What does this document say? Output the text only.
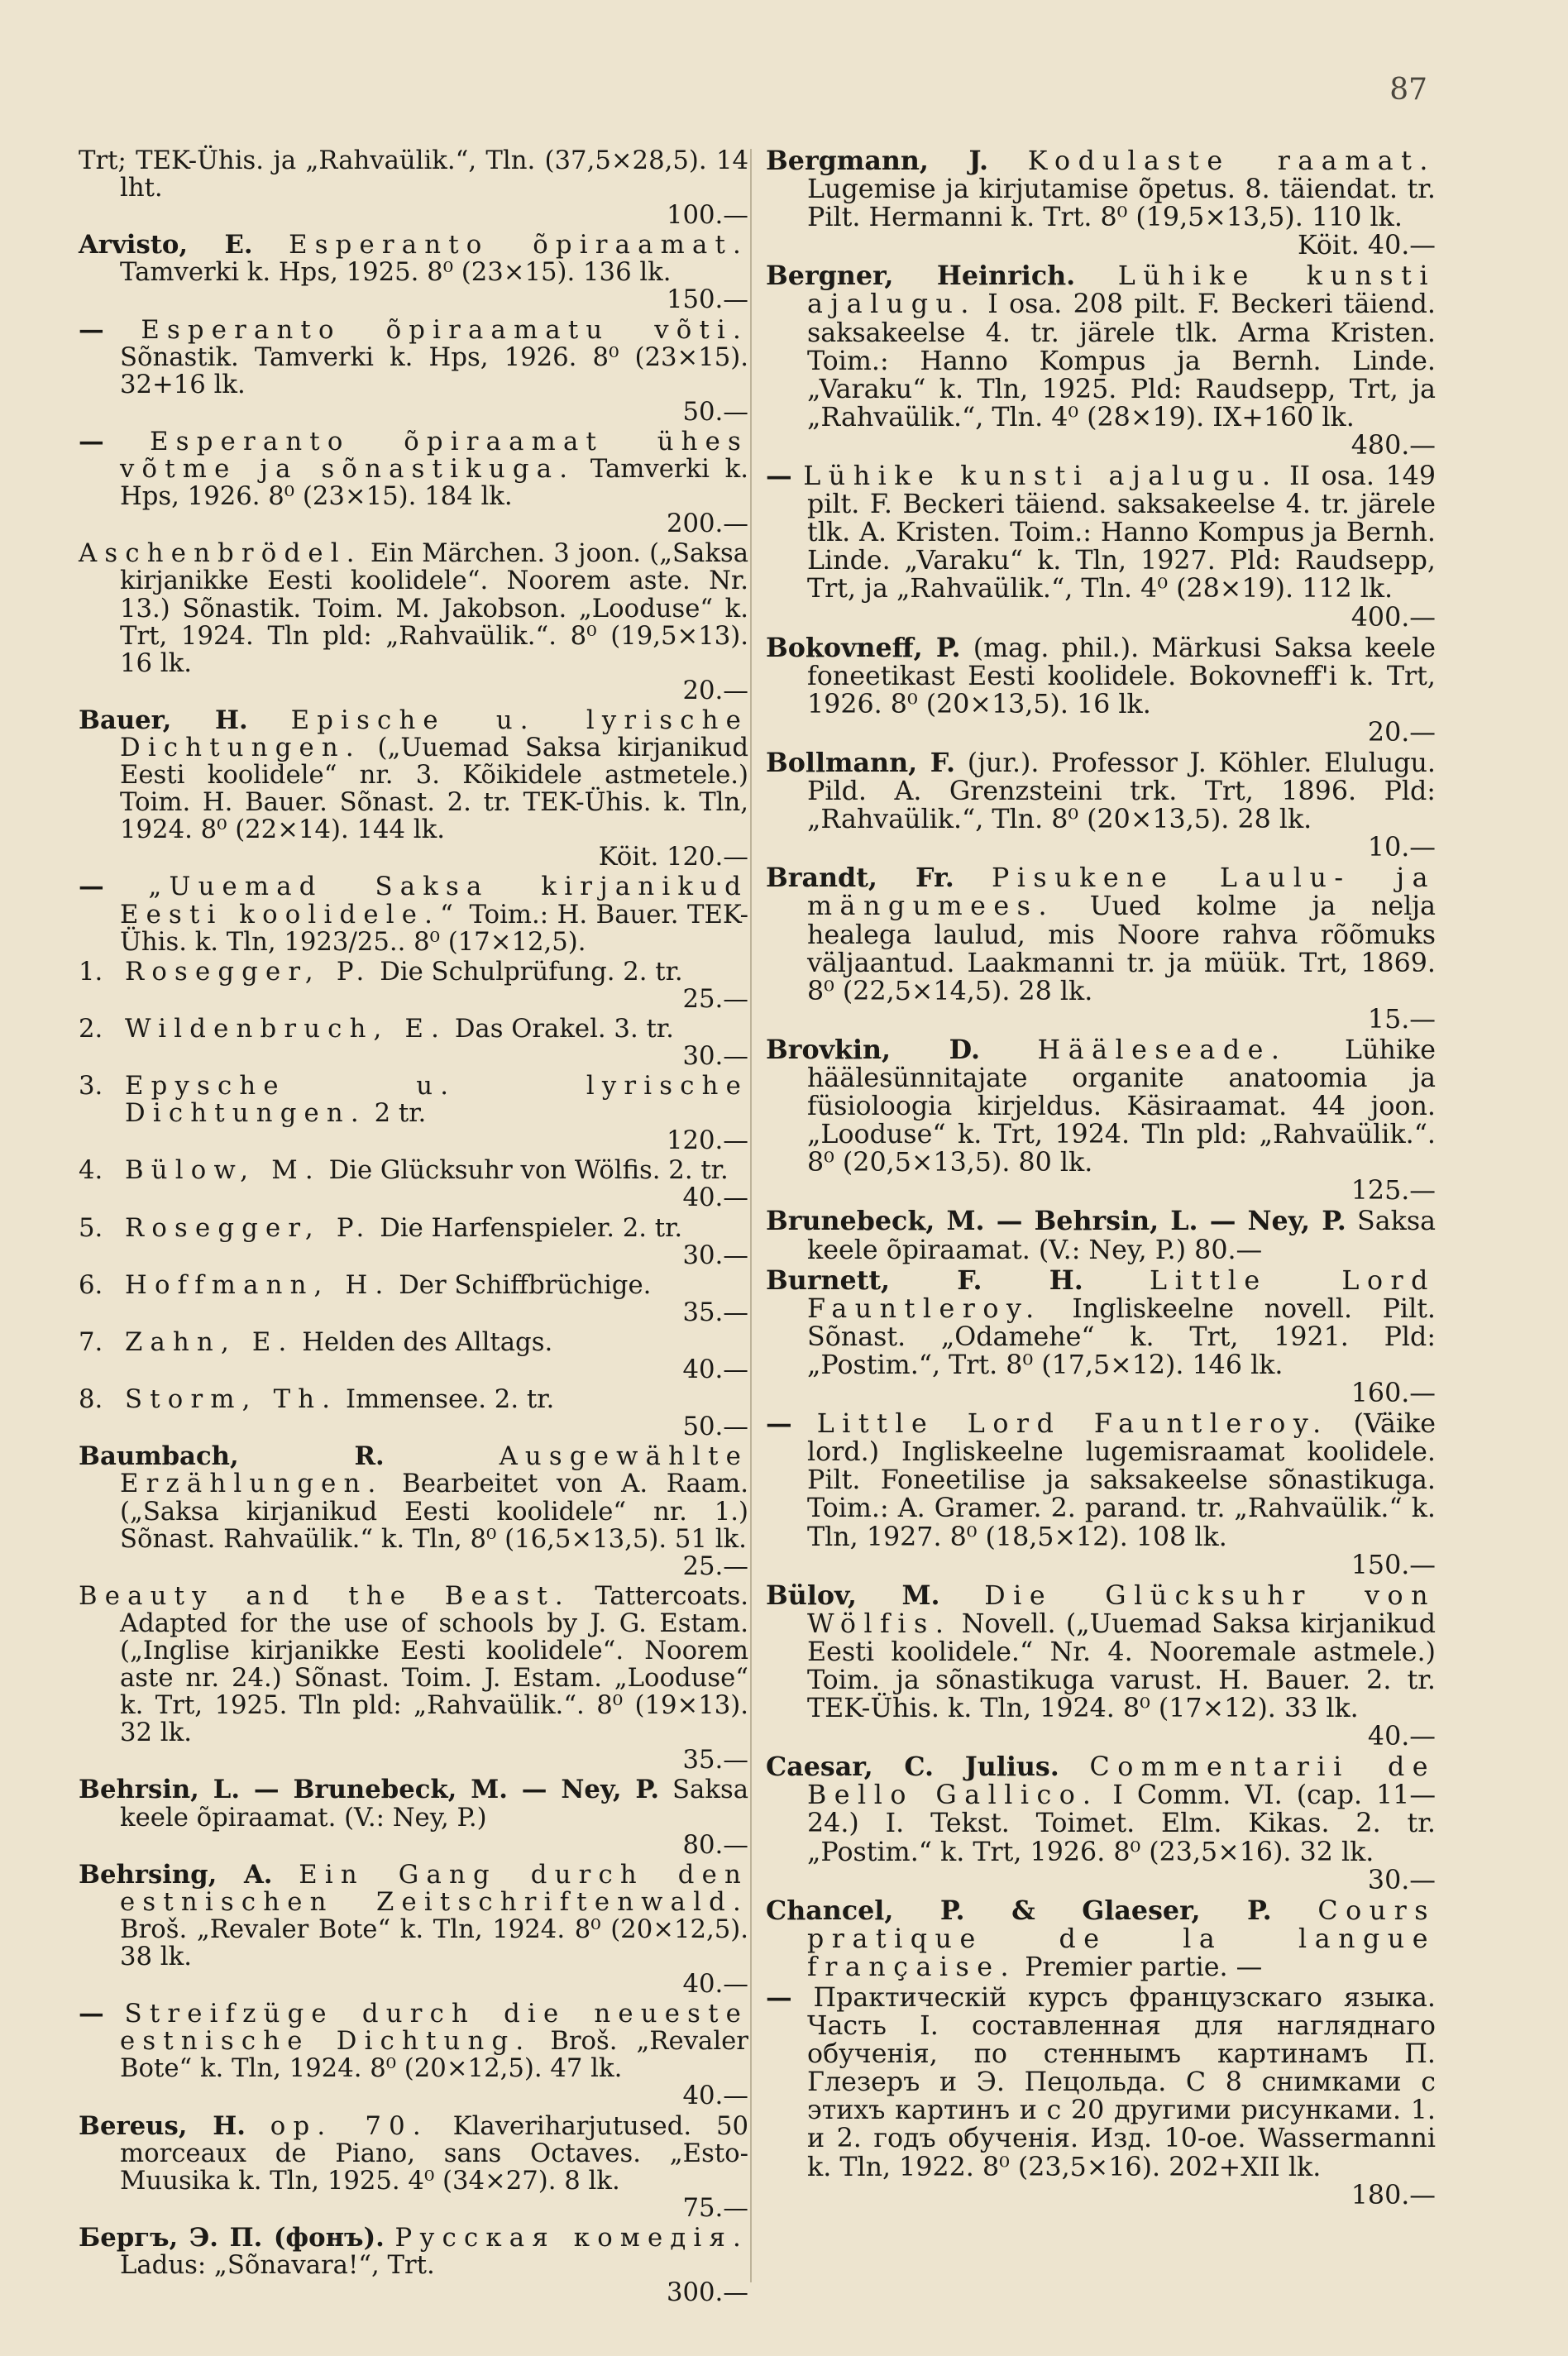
87
Trt; TEK-Ühis. ja „Rahvaülik.“, Tln. (37,5×28,5). 14 lht.
100.—
Arvisto, E. Esperanto õpiraamat. Tamverki k. Hps, 1925. 8⁰ (23×15). 136 lk.
150.—
— Esperanto õpiraamatu võti. Sõnastik. Tamverki k. Hps, 1926. 8⁰ (23×15). 32+16 lk.
50.—
— Esperanto õpiraamat ühes võtme ja sõnastikuga. Tamverki k. Hps, 1926. 8⁰ (23×15). 184 lk.
200.—
Aschenbrödel. Ein Märchen. 3 joon. („Saksa kirjanikke Eesti koolidele“. Noorem aste. Nr. 13.) Sõnastik. Toim. M. Jakobson. „Looduse“ k. Trt, 1924. Tln pld: „Rahvaülik.“. 8⁰ (19,5×13). 16 lk.
20.—
Bauer, H. Epische u. lyrische Dichtungen. („Uuemad Saksa kirjanikud Eesti koolidele“ nr. 3. Kõikidele astmetele.) Toim. H. Bauer. Sõnast. 2. tr. TEK-Ühis. k. Tln, 1924. 8⁰ (22×14). 144 lk.
Köit. 120.—
— „Uuemad Saksa kirjanikud Eesti koolidele.“ Toim.: H. Bauer. TEK-Ühis. k. Tln, 1923/25.. 8⁰ (17×12,5).
1. Rosegger, P. Die Schulprüfung. 2. tr.
25.—
2. Wildenbruch, E. Das Orakel. 3. tr.
30.—
3. Epysche u. lyrische Dichtungen. 2 tr.
120.—
4. Bülow, M. Die Glücksuhr von Wölfis. 2. tr.
40.—
5. Rosegger, P. Die Harfenspieler. 2. tr.
30.—
6. Hoffmann, H. Der Schiffbrüchige.
35.—
7. Zahn, E. Helden des Alltags.
40.—
8. Storm, Th. Immensee. 2. tr.
50.—
Baumbach, R.	Ausgewählte Erzählungen. Bearbeitet von A. Raam. („Saksa kirjanikud Eesti koolidele“ nr. 1.) Sõnast. Rahvaülik.“ k. Tln, 8⁰ (16,5×13,5). 51 lk.
25.—
Beauty and the Beast. Tattercoats. Adapted for the use of schools by J. G. Estam. („Inglise kirjanikke Eesti koolidele“. Noorem aste nr. 24.) Sõnast. Toim. J. Estam. „Looduse“ k. Trt, 1925. Tln pld: „Rahvaülik.“. 8⁰ (19×13). 32 lk.
35.—
Behrsin, L. — Brunebeck, M. — Ney, P. Saksa keele õpiraamat. (V.: Ney, P.)
80.—
Behrsing, A. Ein Gang durch den estnischen Zeitschriftenwald. Broš. „Revaler Bote“ k. Tln, 1924. 8⁰ (20×12,5). 38 lk.
40.—
— Streifzüge durch die neueste estnische Dichtung. Broš. „Revaler Bote“ k. Tln, 1924. 8⁰ (20×12,5). 47 lk.
40.—
Bereus, H. op. 70. Klaveriharjutused. 50 morceaux de Piano, sans Octaves. „Esto-Muusika k. Tln, 1925. 4⁰ (34×27). 8 lk.
75.—
Бергъ, Э. П. (фонъ). Русская комедія. Ladus: „Sõnavara!“, Trt.
300.—
Bergmann, J. Kodulaste raamat. Lugemise ja kirjutamise õpetus. 8. täiendat. tr. Pilt. Hermanni k. Trt. 8⁰ (19,5×13,5). 110 lk.
Köit. 40.—
Bergner, Heinrich. Lühike kunsti ajalugu. I osa. 208 pilt. F. Beckeri täiend. saksakeelse 4. tr. järele tlk. Arma Kristen. Toim.: Hanno Kompus ja Bernh. Linde. „Varaku“ k. Tln, 1925. Pld: Raudsepp, Trt, ja „Rahvaülik.“, Tln. 4⁰ (28×19). IX+160 lk.
480.—
— Lühike kunsti ajalugu. II osa. 149 pilt. F. Beckeri täiend. saksakeelse 4. tr. järele tlk. A. Kristen. Toim.: Hanno Kompus ja Bernh. Linde. „Varaku“ k. Tln, 1927. Pld: Raudsepp, Trt, ja „Rahvaülik.“, Tln. 4⁰ (28×19). 112 lk.
400.—
Bokovneff, P. (mag. phil.). Märkusi Saksa keele foneetikast Eesti koolidele. Bokovneff'i k. Trt, 1926. 8⁰ (20×13,5). 16 lk.
20.—
Bollmann, F. (jur.). Professor J. Köhler. Elulugu. Pild. A. Grenzsteini trk. Trt, 1896. Pld: „Rahvaülik.“, Tln. 8⁰ (20×13,5). 28 lk.
10.—
Brandt, Fr. Pisukene Laulu- ja mängumees. Uued kolme ja nelja healega laulud, mis Noore rahva rõõmuks väljaantud. Laakmanni tr. ja müük. Trt, 1869. 8⁰ (22,5×14,5). 28 lk.
15.—
Brovkin, D. Hääleseade. Lühike häälesünnitajate organite anatoomia ja füsioloogia kirjeldus. Käsiraamat. 44 joon. „Looduse“ k. Trt, 1924. Tln pld: „Rahvaülik.“. 8⁰ (20,5×13,5). 80 lk.
125.—
Brunebeck, M. — Behrsin, L. — Ney, P. Saksa keele õpiraamat. (V.: Ney, P.) 80.—
Burnett, F. H.	Little Lord Fauntleroy. Ingliskeelne novell. Pilt. Sõnast. „Odamehe“ k. Trt, 1921. Pld: „Postim.“, Trt. 8⁰ (17,5×12). 146 lk.
160.—
— Little Lord Fauntleroy. (Väike lord.) Ingliskeelne lugemisraamat koolidele. Pilt. Foneetilise ja saksakeelse sõnastikuga. Toim.: A. Gramer. 2. parand. tr. „Rahvaülik.“ k. Tln, 1927. 8⁰ (18,5×12). 108 lk.
150.—
Bülov, M. Die Glücksuhr von Wölfis. Novell. („Uuemad Saksa kirjanikud Eesti koolidele.“ Nr. 4. Nooremale astmele.) Toim. ja sõnastikuga varust. H. Bauer. 2. tr. TEK-Ühis. k. Tln, 1924. 8⁰ (17×12). 33 lk.
40.—
Caesar, C. Julius. Commentarii de Bello Gallico. I Comm. VI. (cap. 11—24.) I. Tekst. Toimet. Elm. Kikas. 2. tr. „Postim.“ k. Trt, 1926. 8⁰ (23,5×16). 32 lk.
30.—
Chancel, P. & Glaeser, P. Cours pratique de la langue française. Premier partie. —
— Практическій курсъ французскаго языка. Часть I. составленная для нагляднаго обученія, по стеннымъ картинамъ П. Глезеръ и Э. Пецольда. С 8 снимками с этихъ картинъ и с 20 другими рисунками. 1. и 2. годъ обученія. Изд. 10-ое. Wassermanni k. Tln, 1922. 8⁰ (23,5×16). 202+XII lk.
180.—
